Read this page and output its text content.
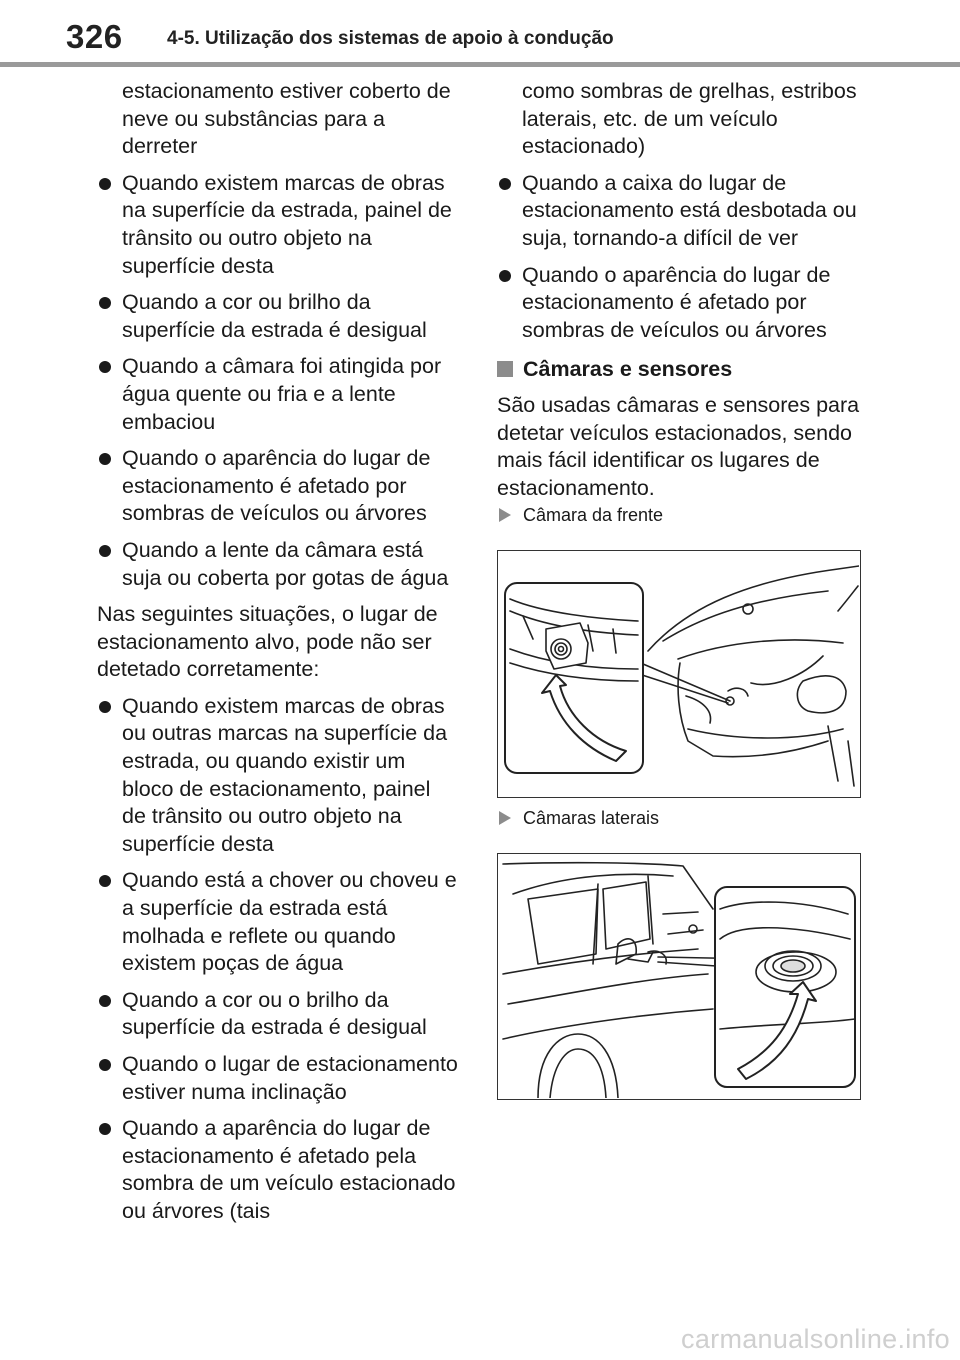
326 4-5. Utilização dos sistemas de apoio à condução

estacionamento estiver coberto de neve ou substâncias para a derreter

Quando existem marcas de obras na superfície da estrada, painel de trânsito ou outro objeto na superfície desta
Quando a cor ou brilho da superfície da estrada é desigual
Quando a câmara foi atingida por água quente ou fria e a lente embaciou
Quando o aparência do lugar de estacionamento é afetado por sombras de veículos ou árvores
Quando a lente da câmara está suja ou coberta por gotas de água

Nas seguintes situações, o lugar de estacionamento alvo, pode não ser detetado corretamente:

Quando existem marcas de obras ou outras marcas na superfície da estrada, ou quando existir um bloco de estacionamento, painel de trânsito ou outro objeto na superfície desta
Quando está a chover ou choveu e a superfície da estrada está molhada e reflete ou quando existem poças de água
Quando a cor ou o brilho da superfície da estrada é desigual
Quando o lugar de estacionamento estiver numa inclinação
Quando a aparência do lugar de estacionamento é afetado pela sombra de um veículo estacionado ou árvores (tais

como sombras de grelhas, estribos laterais, etc. de um veículo estacionado)

Quando a caixa do lugar de estacionamento está desbotada ou suja, tornando-a difícil de ver
Quando o aparência do lugar de estacionamento é afetado por sombras de veículos ou árvores
Câmaras e sensores

São usadas câmaras e sensores para detetar veículos estacionados, sendo mais fácil identificar os lugares de estacionamento.

Câmara da frente
Câmaras laterais
carmanualsonline.info
